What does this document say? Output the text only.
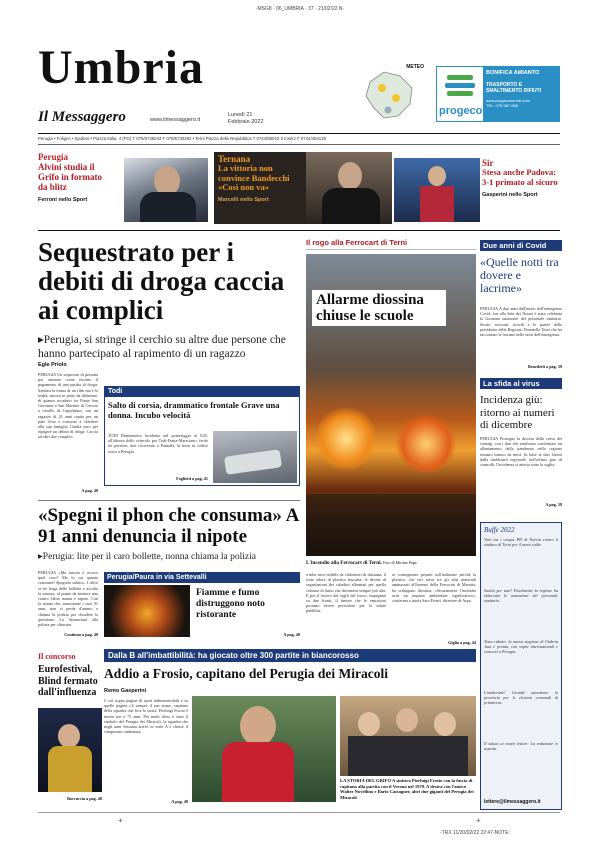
·MSG8 · 06_UMBRIA · 37 · 21/02/22 N·
Umbria
Il Messaggero	www.ilmessaggero.it
Lunedì 21
Febbraio 2022
METEO
progeco
BONIFICA AMIANTO
TRASPORTO E SMALTIMENTO RIFIUTI
www.progecoservizi.com
TEL. 075 987 088
Perugia • Foligno • Spoleto • Piazza Italia, 4 (PG) T 075/5736043 F 075/5730282 • Terni Piazza della Repubblica T 0744/58042-3 Inserz F 0744/404126
Perugia
Alvini studia il Grifo in formato da blitz
Ferroni nello Sport
Ternana
La vittoria non convince Bandecchi «Così non va»
Marcelli nello Sport
Sir
Stesa anche Padova: 3-1 primato al sicuro
Gasperini nello Sport
Sequestrato per i debiti di droga caccia ai complici
▸Perugia, si stringe il cerchio su altre due persone che hanno partecipato al rapimento di un ragazzo
Egle Priolo
PERUGIA Un sequestro di persona per ottenere come riscatto il pagamento di una partita di droga. Sembra la trama di un film ma è la realtà, ancora in parte da delineare, di quanto accaduto tra Ponte San Giovanni e San Martino di Cerreto a cavallo di Capodanno, con un ragazzo di 21 anni rapito per un paio d'ore e costretto a chiedere alla sua famiglia 12mila euro per ripagare un debito di droga. Caccia ad altri due complici.
A pag. 40
Todi
Salto di corsia, drammatico frontale Grave una donna. Incubo velocità
TODI Drammatico incidente nel pomeriggio in E45, all'altezza dello svincolo per Todi-Fratta-Marsciano: ferite tre persone, due ricoverate a Pantalla, la terza in codice rosso a Perugia.
Foglietti a pag. 41
«Spegni il phon che consuma» A 91 anni denuncia il nipote
▸Perugia: lite per il caro bollette, nonna chiama la polizia
PERUGIA «Ma ancora è acceso quel coso? Ma lo sai quanto consuma? Spegnilo subito». L'altro se ne frega delle bollette e ascolta la musica, al punto da mettere una contro l'altro nonna e nipote. Con la nonna che, nonostante i suoi 91 anni, non si perde d'animo e chiama la polizia per chiudere la questione. La 'denunciata' alla polizia per chiusura.
Continua a pag. 40
Perugia/Paura in via Settevalli
Fiamme e fumo distruggono noto ristorante
A pag. 40
Il concorso
Eurofestival, Blind fermato dall'influenza
Boccuccia a pag. 40
Il rogo alla Ferrocart di Terni
Allarme diossina chiuse le scuole
L'incendio alla Ferrocart di Terni. Foto di Mirimo Papa
a mbe nera visibile da chilometri di distanza, il forte odore di plastica bruciata, le decine di segnalazioni dei cittadini allarmati per quella colonna di fumo che diventava sempre più alta. E poi il lavoro dei vigili del fuoco, impegnati su due fronti, il timore che le emissioni possano essere pericolose per la salute pubblica.
re conseguente pesanti sull'ambiente perché la plastica, che ieri stava tra gli altri materiali ammassati all'interno della Ferrocart di Maratta, ha sviluppato diossina. «Sicuramente l'incendio avrà un impatto ambientale significativo», conferma a tutela Sara Fronti, direttore di Arpa.
Giglia a pag. 44
Due anni di Covid
«Quelle notti tra dovere e lacrime»
PERUGIA A due anni dall'inizio dell'emergenza Covid, ieri alla Sala dei Notari è stata celebrata la Giornata nazionale del personale sanitario. Storie, racconti, ricordi e le parole della presidente della Regione, Donatella Tesei che ha raccontato le lacrime nelle notti dell'emergenza.
Benedetti a pag. 39
La sfida al virus
Incidenza giù: ritorno ai numeri di dicembre
PERUGIA Prosegue la discesa della curva dei contagi, con i dati che sembrano confermare un allentamento della pandemia nella regione rimasto bianco da mesi. In base ai dati forniti dalla dashboard regionale, nell'ultimo giro di controlli, l'incidenza si attesta sotto la soglia.
A pag. 39
Buffe 2022
Voto tra i cinque PD di Norcia contro il sindaco di Terni per il tanto caldo
Sanità per tutti! Finalmente la regione ha sbloccato le assunzioni del personale sanitario.
Testo ridotto: la nuova stagione di Umbria Jazz è pronta, con ospiti internazionali e concerti a Perugia.
L'umbertide! Grande attenzione in provincia per le elezioni comunali di primavera.
Il saluto ai nostri lettori: La redazione vi aspetta.
lettere@ilmessaggero.it
Dalla B all'imbattibilità: ha giocato oltre 300 partite in biancorosso
Addio a Frosio, capitano del Perugia dei Miracoli
Remo Gasperini
C osì sogna pagine di sport indimenticabili e su quelle pagine c'è sempre il suo nome, capitano della squadra che fece la storia. Pierluigi Frosio è morto ieri a 73 anni. Per molti tifosi è stato il simbolo del Perugia dei Miracoli, la squadra che negli anni Settanta arrivò in serie A e chiuse il campionato imbattuta.
A pag. 49
LA STORIA DEL GRIFO A sinistra Pierluigi Frosio con la fascia di capitano alla partita con il Verona nel 1979. A destra con l'amico Walter Novellino e Ilario Castagner, altri due giganti del Perugia dei Miracoli
+	+
-TRX 11/20/02/22 22:47-NOTE:
